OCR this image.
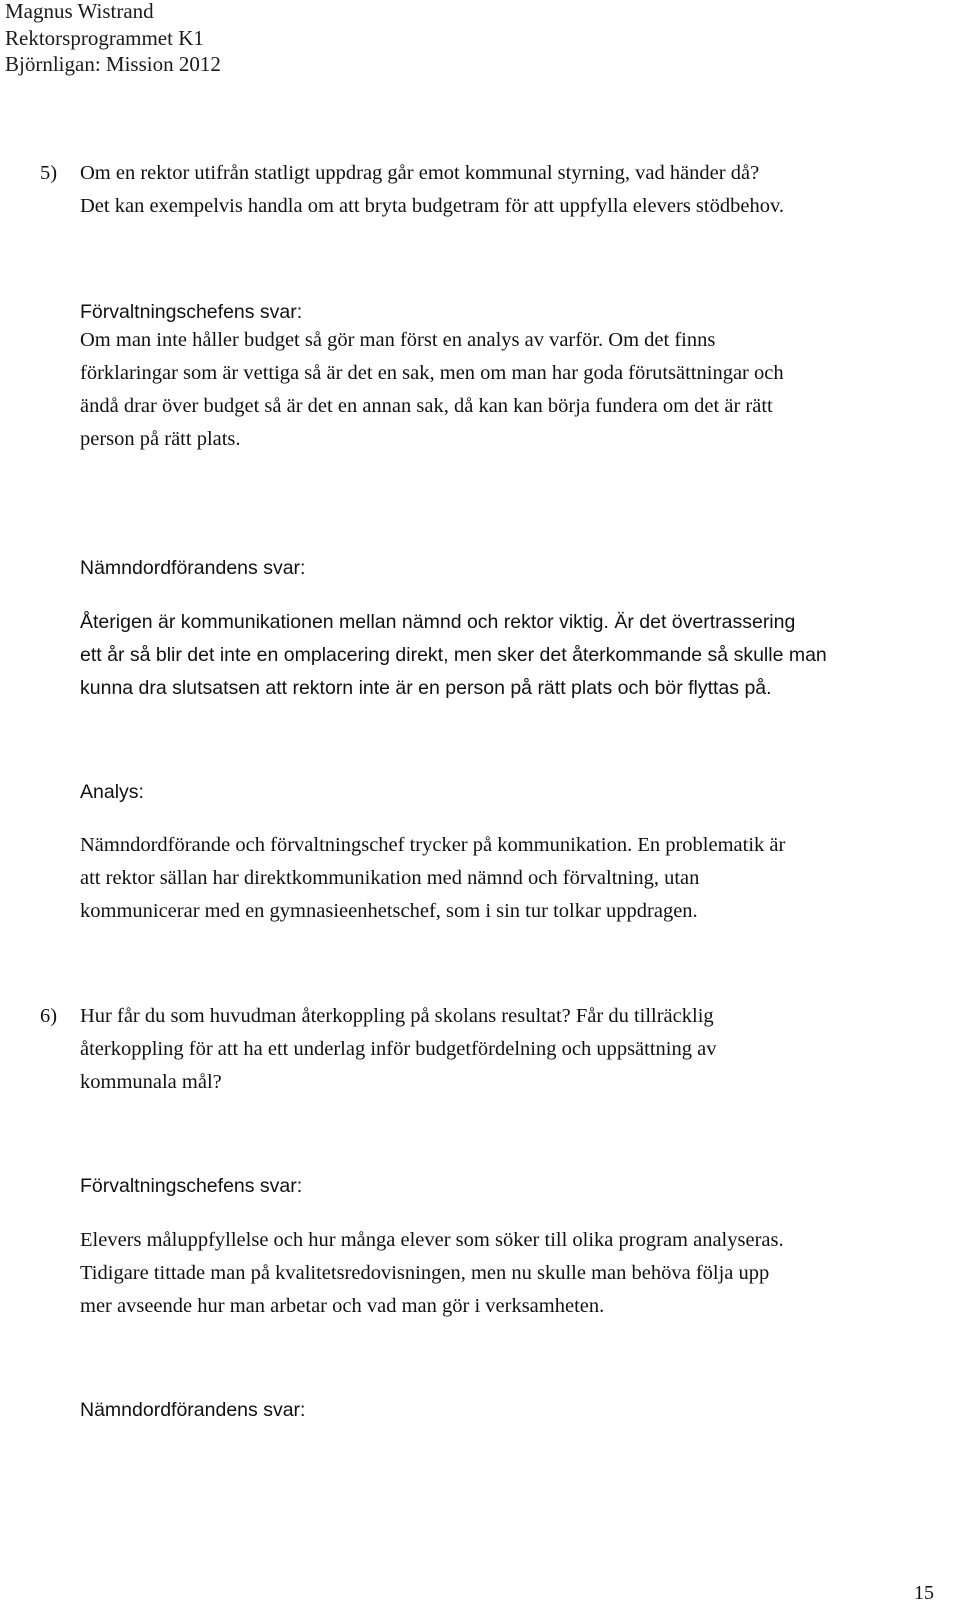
Magnus Wistrand
Rektorsprogrammet K1
Björnligan: Mission 2012
5) Om en rektor utifrån statligt uppdrag går emot kommunal styrning, vad händer då?
Det kan exempelvis handla om att bryta budgetram för att uppfylla elevers stödbehov.
Förvaltningschefens svar:
Om man inte håller budget så gör man först en analys av varför. Om det finns
förklaringar som är vettiga så är det en sak, men om man har goda förutsättningar och
ändå drar över budget så är det en annan sak, då kan kan börja fundera om det är rätt
person på rätt plats.
Nämndordförandens svar:
Återigen är kommunikationen mellan nämnd och rektor viktig. Är det övertrassering
ett år så blir det inte en omplacering direkt, men sker det återkommande så skulle man
kunna dra slutsatsen att rektorn inte är en person på rätt plats och bör flyttas på.
Analys:
Nämndordförande och förvaltningschef trycker på kommunikation. En problematik är
att rektor sällan har direktkommunikation med nämnd och förvaltning, utan
kommunicerar med en gymnasieenhetschef, som i sin tur tolkar uppdragen.
6) Hur får du som huvudman återkoppling på skolans resultat? Får du tillräcklig
återkoppling för att ha ett underlag inför budgetfördelning och uppsättning av
kommunala mål?
Förvaltningschefens svar:
Elevers måluppfyllelse och hur många elever som söker till olika program analyseras.
Tidigare tittade man på kvalitetsredovisningen, men nu skulle man behöva följa upp
mer avseende hur man arbetar och vad man gör i verksamheten.
Nämndordförandens svar:
15
